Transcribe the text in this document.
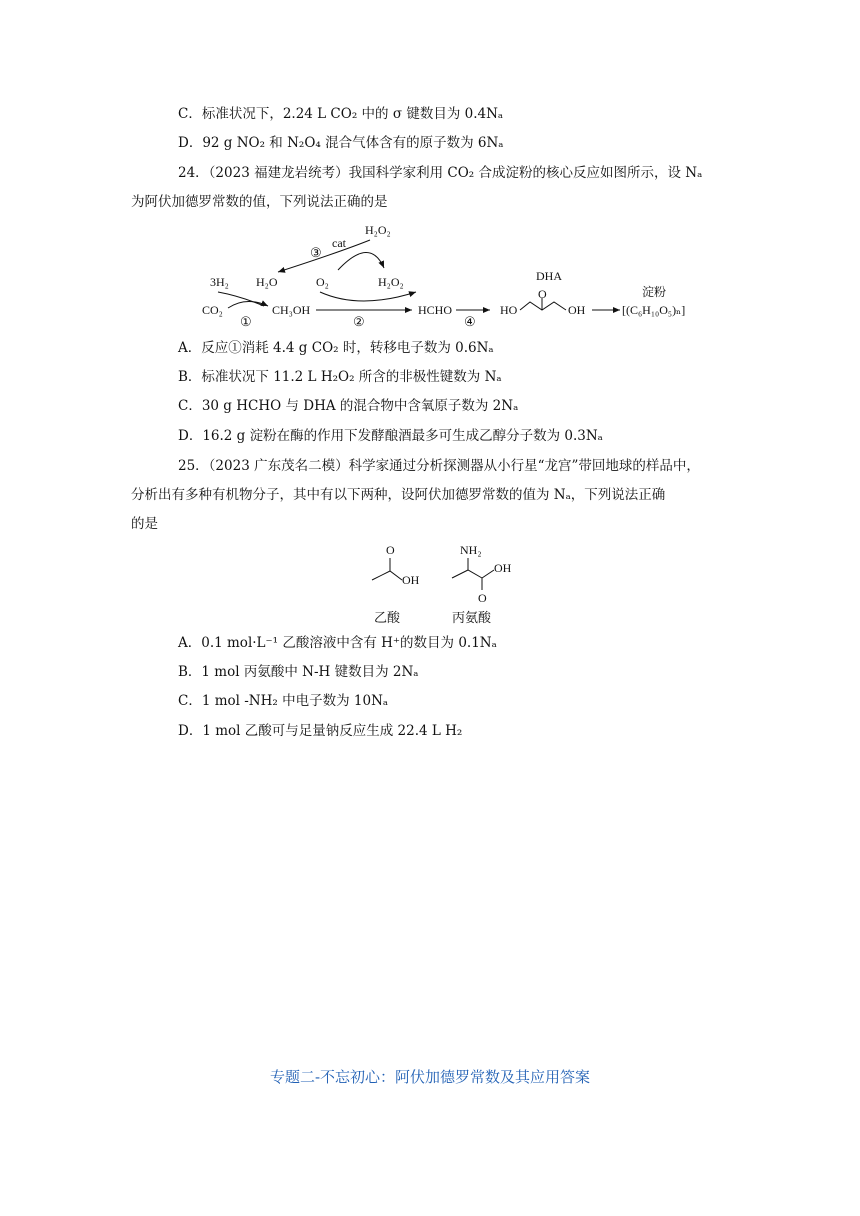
C．标准状况下，2.24 L CO₂ 中的 σ 键数目为 0.4Nₐ
D．92 g NO₂ 和 N₂O₄ 混合气体含有的原子数为 6Nₐ
24．（2023 福建龙岩统考）我国科学家利用 CO₂ 合成淀粉的核心反应如图所示，设 Nₐ
为阿伏加德罗常数的值，下列说法正确的是
H₂O₂
cat
③
3H₂ H₂O	O₂	H₂O₂
CO₂
①
CH₃OH
②
HCHO
④
DHA
HO
O
OH
淀粉
[(C₆H₁₀O₅)ₙ]
A．反应①消耗 4.4 g CO₂ 时，转移电子数为 0.6Nₐ
B．标准状况下 11.2 L H₂O₂ 所含的非极性键数为 Nₐ
C．30 g HCHO 与 DHA 的混合物中含氧原子数为 2Nₐ
D．16.2 g 淀粉在酶的作用下发酵酿酒最多可生成乙醇分子数为 0.3Nₐ
25．（2023 广东茂名二模）科学家通过分析探测器从小行星“龙宫”带回地球的样品中，
分析出有多种有机物分子，其中有以下两种，设阿伏加德罗常数的值为 Nₐ，下列说法正确
的是
O
OH
乙酸
NH₂
OH
O
丙氨酸
A．0.1 mol·L⁻¹ 乙酸溶液中含有 H⁺的数目为 0.1Nₐ
B．1 mol 丙氨酸中 N-H 键数目为 2Nₐ
C．1 mol -NH₂ 中电子数为 10Nₐ
D．1 mol 乙酸可与足量钠反应生成 22.4 L H₂
专题二-不忘初心：阿伏加德罗常数及其应用答案
